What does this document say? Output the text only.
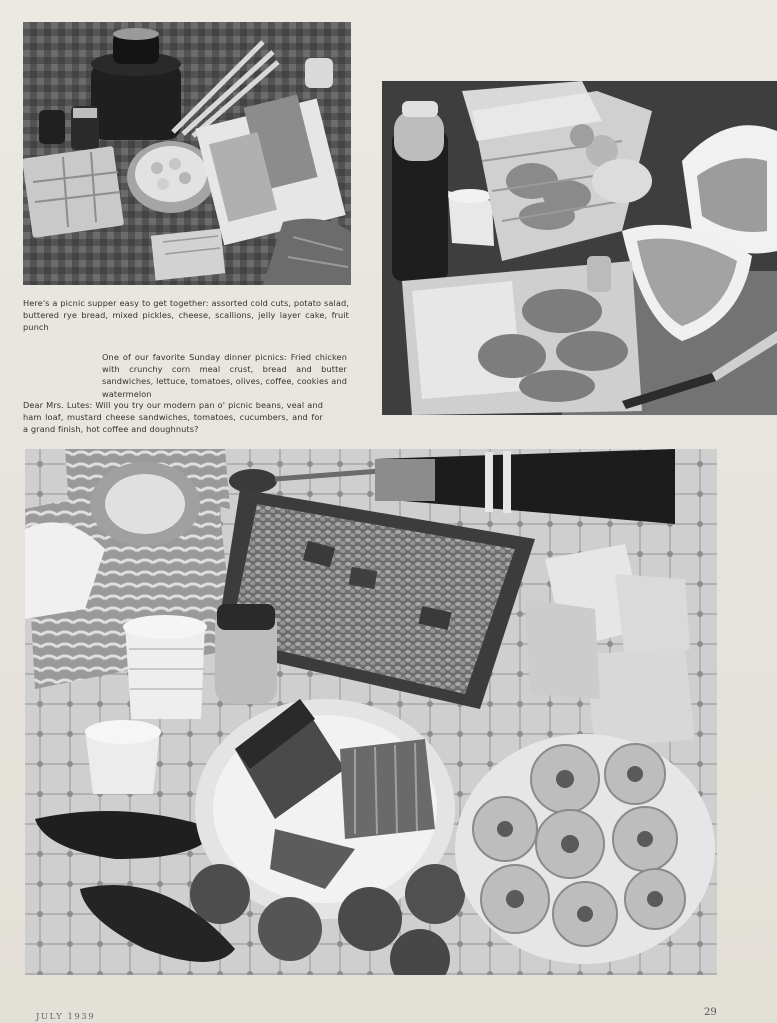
Here's a picnic supper easy to get together: assorted cold cuts, potato salad, buttered rye bread, mixed pickles, cheese, scallions, jelly layer cake, fruit punch

One of our favorite Sunday dinner picnics: Fried chicken with crunchy corn meal crust, bread and butter sandwiches, lettuce, tomatoes, olives, coffee, cookies and watermelon

Dear Mrs. Lutes: Will you try our modern pan o' picnic beans, veal and ham loaf, mustard cheese sandwiches, tomatoes, cucumbers, and for a grand finish, hot coffee and doughnuts?

JULY 1939	29
